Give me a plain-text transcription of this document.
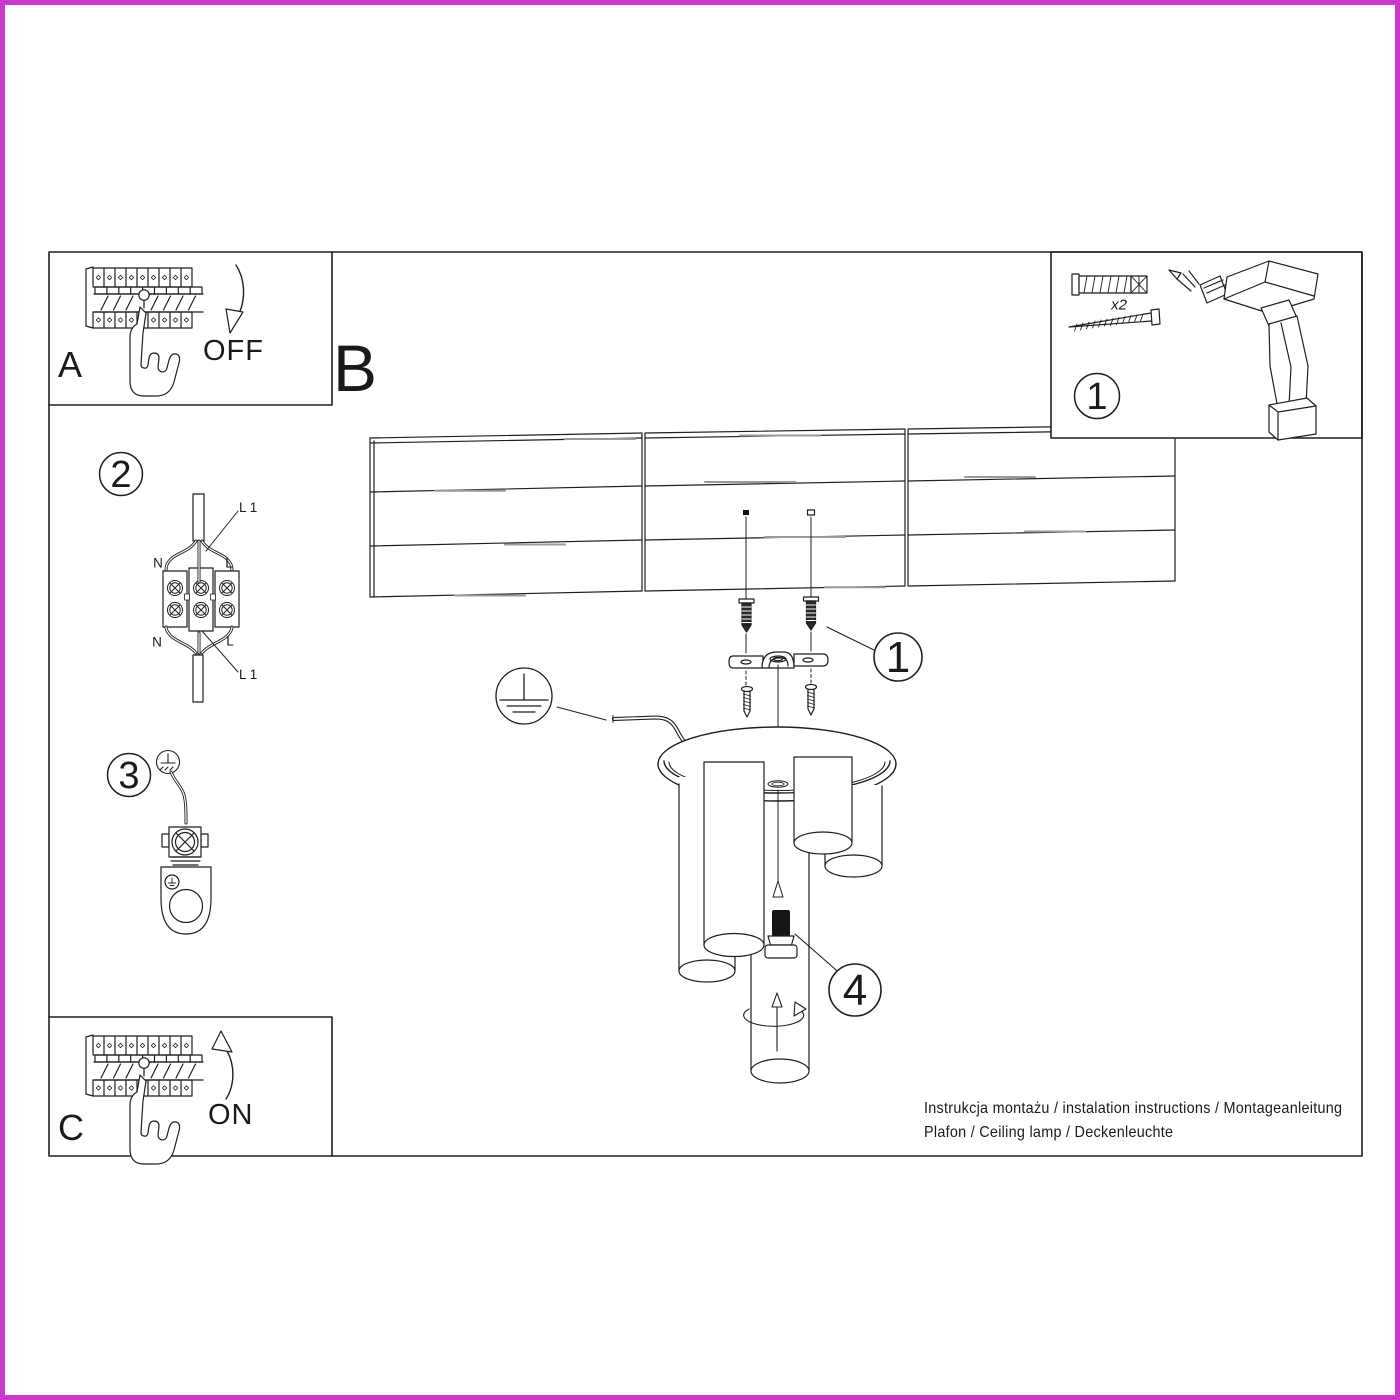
A	OFF B
C	ON
x2
1
2
3
1
4
N	L
L 1
N	L
L 1
Instrukcja montażu / instalation instructions / Montageanleitung
Plafon / Ceiling lamp / Deckenleuchte
